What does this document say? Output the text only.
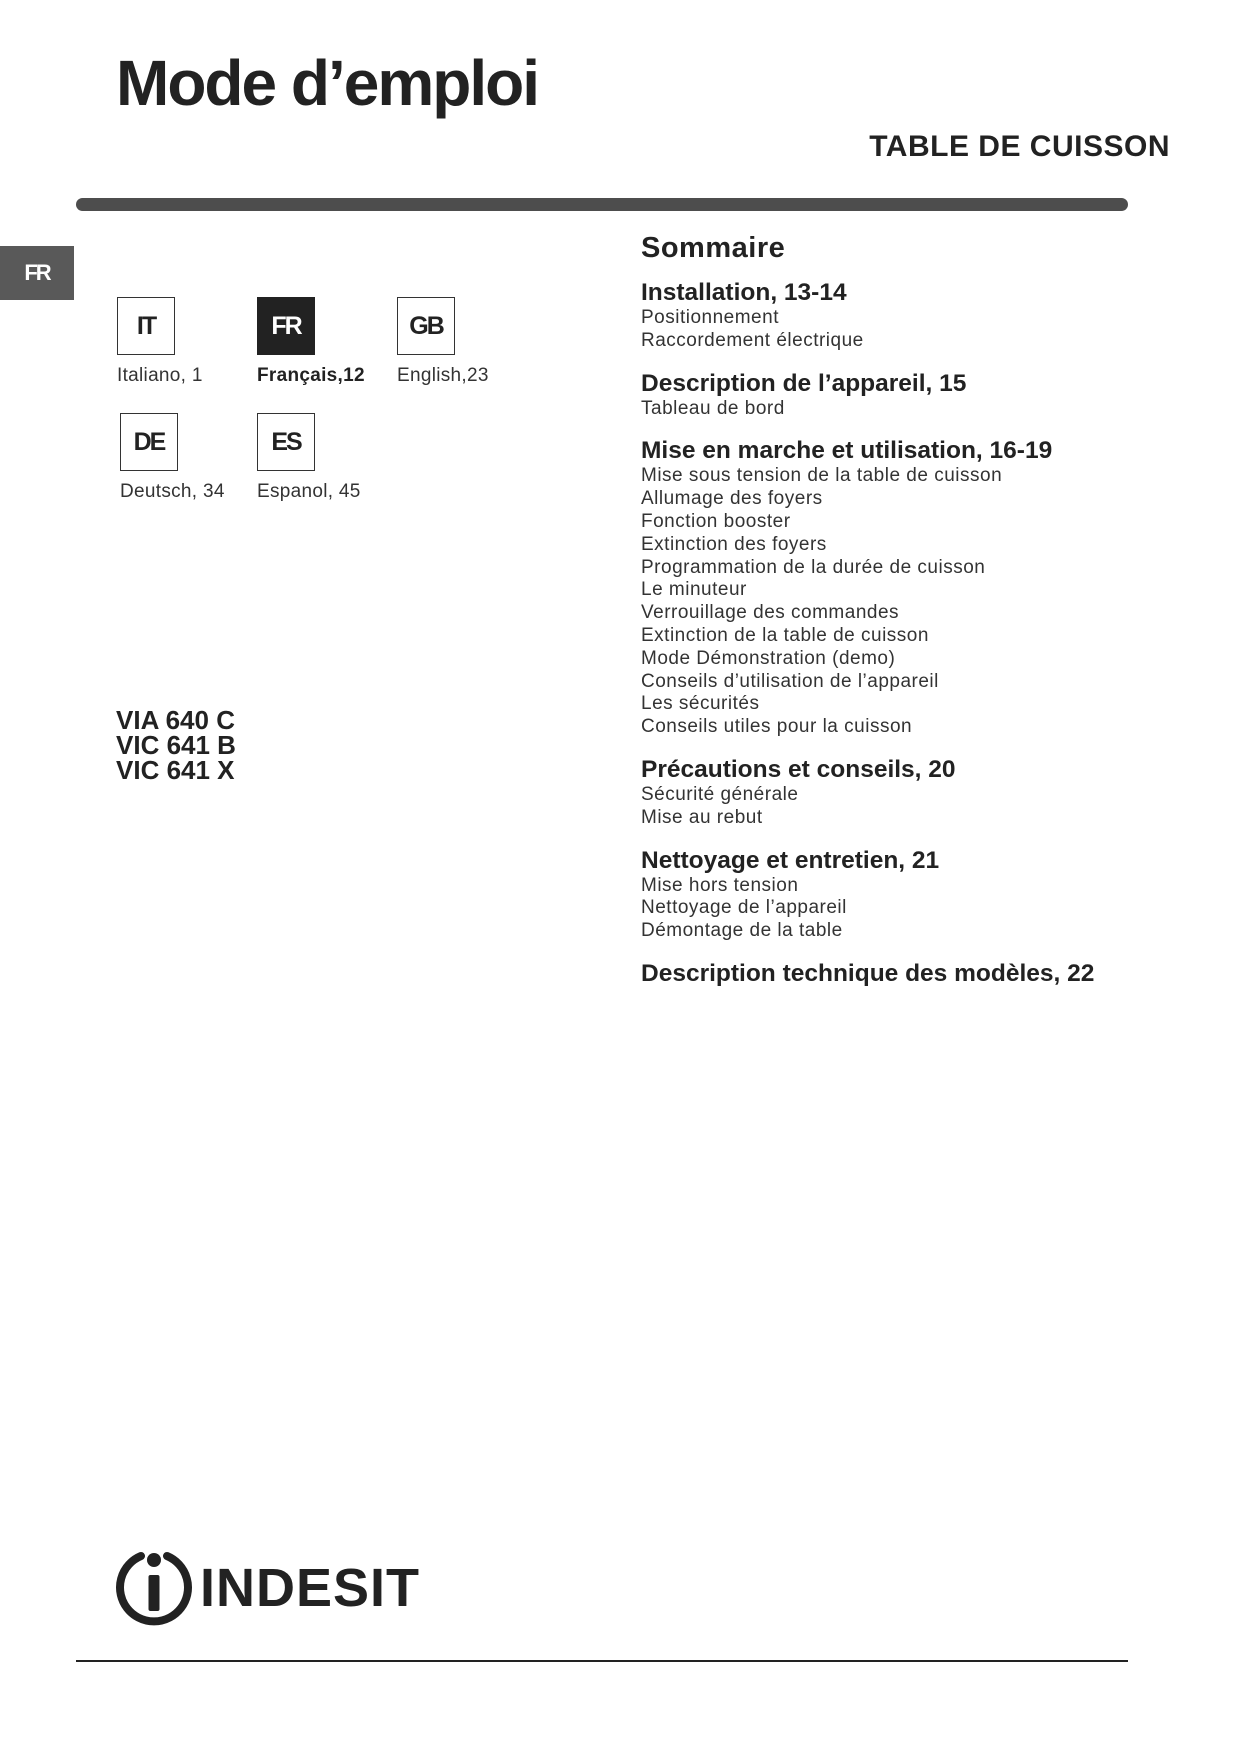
Mode d’emploi
TABLE DE CUISSON
FR
IT
Italiano, 1
FR
Français,12
GB
English,23
DE
Deutsch, 34
ES
Espanol, 45
VIA 640 C
VIC 641 B
VIC 641 X
Sommaire
Installation, 13-14
Positionnement
Raccordement électrique
Description de l’appareil, 15
Tableau de bord
Mise en marche et utilisation, 16-19
Mise sous tension de la table de cuisson
Allumage des foyers
Fonction booster
Extinction des foyers
Programmation de la durée de cuisson
Le minuteur
Verrouillage des commandes
Extinction de la table de cuisson
Mode Démonstration (demo)
Conseils d’utilisation de l’appareil
Les sécurités
Conseils utiles pour la cuisson
Précautions et conseils, 20
Sécurité générale
Mise au rebut
Nettoyage et entretien, 21
Mise hors tension
Nettoyage de l’appareil
Démontage de la table
Description technique des modèles, 22
INDESIT
